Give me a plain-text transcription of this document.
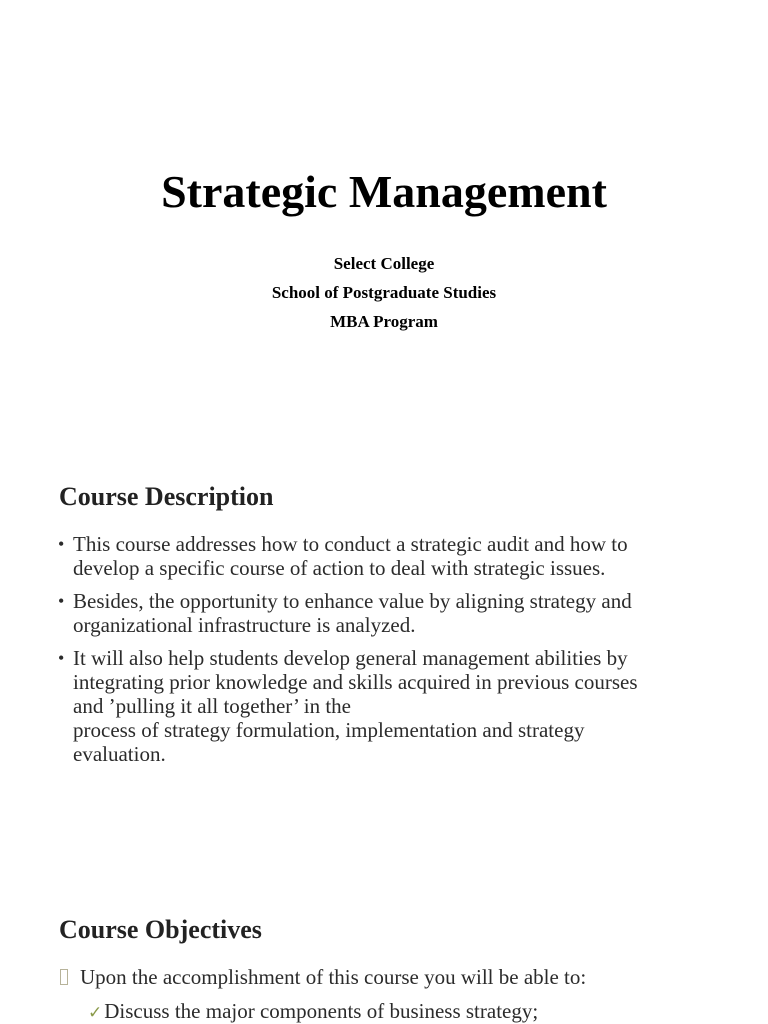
Strategic Management
Select College
School of Postgraduate Studies
MBA Program
Course Description
• This course addresses how to conduct a strategic audit and how to
develop a specific course of action to deal with strategic issues.
• Besides, the opportunity to enhance value by aligning strategy and
organizational infrastructure is analyzed.
• It will also help students develop general management abilities by
integrating prior knowledge and skills acquired in previous courses
and ’pulling it all together’ in the
process of strategy formulation, implementation and strategy
evaluation.
Course Objectives
Upon the accomplishment of this course you will be able to:
✓Discuss the major components of business strategy;
